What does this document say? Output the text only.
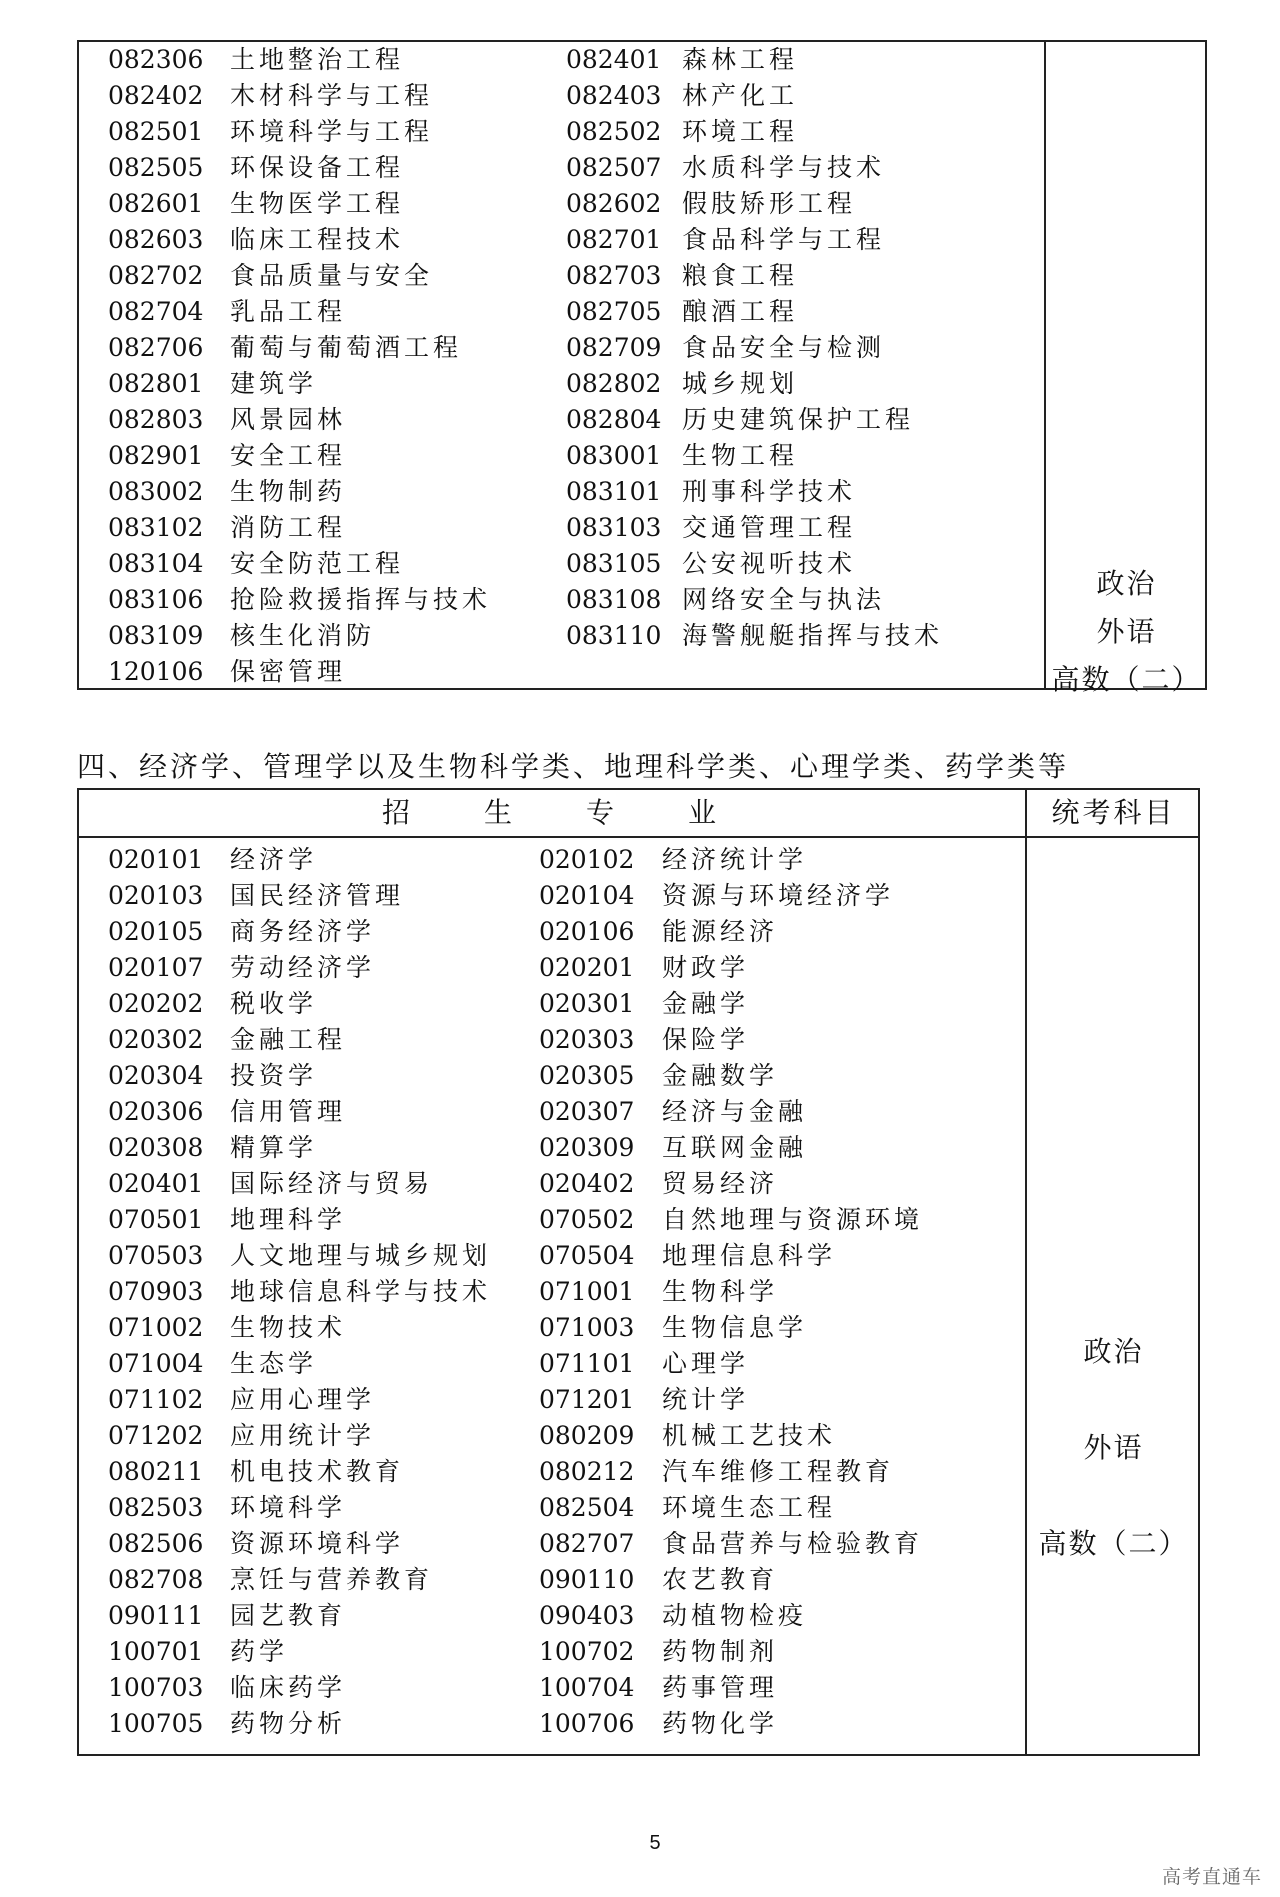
082306 土地整治工程	082401 森林工程
082402 木材科学与工程	082403 林产化工
082501 环境科学与工程	082502 环境工程
082505 环保设备工程	082507 水质科学与技术
082601 生物医学工程	082602 假肢矫形工程
082603 临床工程技术	082701 食品科学与工程
082702 食品质量与安全	082703 粮食工程
082704 乳品工程	082705 酿酒工程
082706 葡萄与葡萄酒工程	082709 食品安全与检测
082801 建筑学	082802 城乡规划
082803 风景园林	082804 历史建筑保护工程
082901 安全工程	083001 生物工程
083002 生物制药	083101 刑事科学技术
083102 消防工程	083103 交通管理工程
083104 安全防范工程	083105 公安视听技术
083106 抢险救援指挥与技术	083108 网络安全与执法
083109 核生化消防	083110 海警舰艇指挥与技术
120106 保密管理
政治
外语
高数（二）
四、经济学、管理学以及生物科学类、地理科学类、心理学类、药学类等
招　　生　　专　　业	统考科目
020101 经济学	020102 经济统计学
020103 国民经济管理	020104 资源与环境经济学
020105 商务经济学	020106 能源经济
020107 劳动经济学	020201 财政学
020202 税收学	020301 金融学
020302 金融工程	020303 保险学
020304 投资学	020305 金融数学
020306 信用管理	020307 经济与金融
020308 精算学	020309 互联网金融
020401 国际经济与贸易	020402 贸易经济
070501 地理科学	070502 自然地理与资源环境
070503 人文地理与城乡规划 070504 地理信息科学
070903 地球信息科学与技术 071001 生物科学
071002 生物技术	071003 生物信息学
071004 生态学	071101 心理学
071102 应用心理学	071201 统计学
071202 应用统计学	080209 机械工艺技术
080211 机电技术教育	080212 汽车维修工程教育
082503 环境科学	082504 环境生态工程
082506 资源环境科学	082707 食品营养与检验教育
082708 烹饪与营养教育	090110 农艺教育
090111 园艺教育	090403 动植物检疫
100701 药学	100702 药物制剂
100703 临床药学	100704 药事管理
100705 药物分析	100706 药物化学
政治
外语
高数（二）
5
高考直通车
